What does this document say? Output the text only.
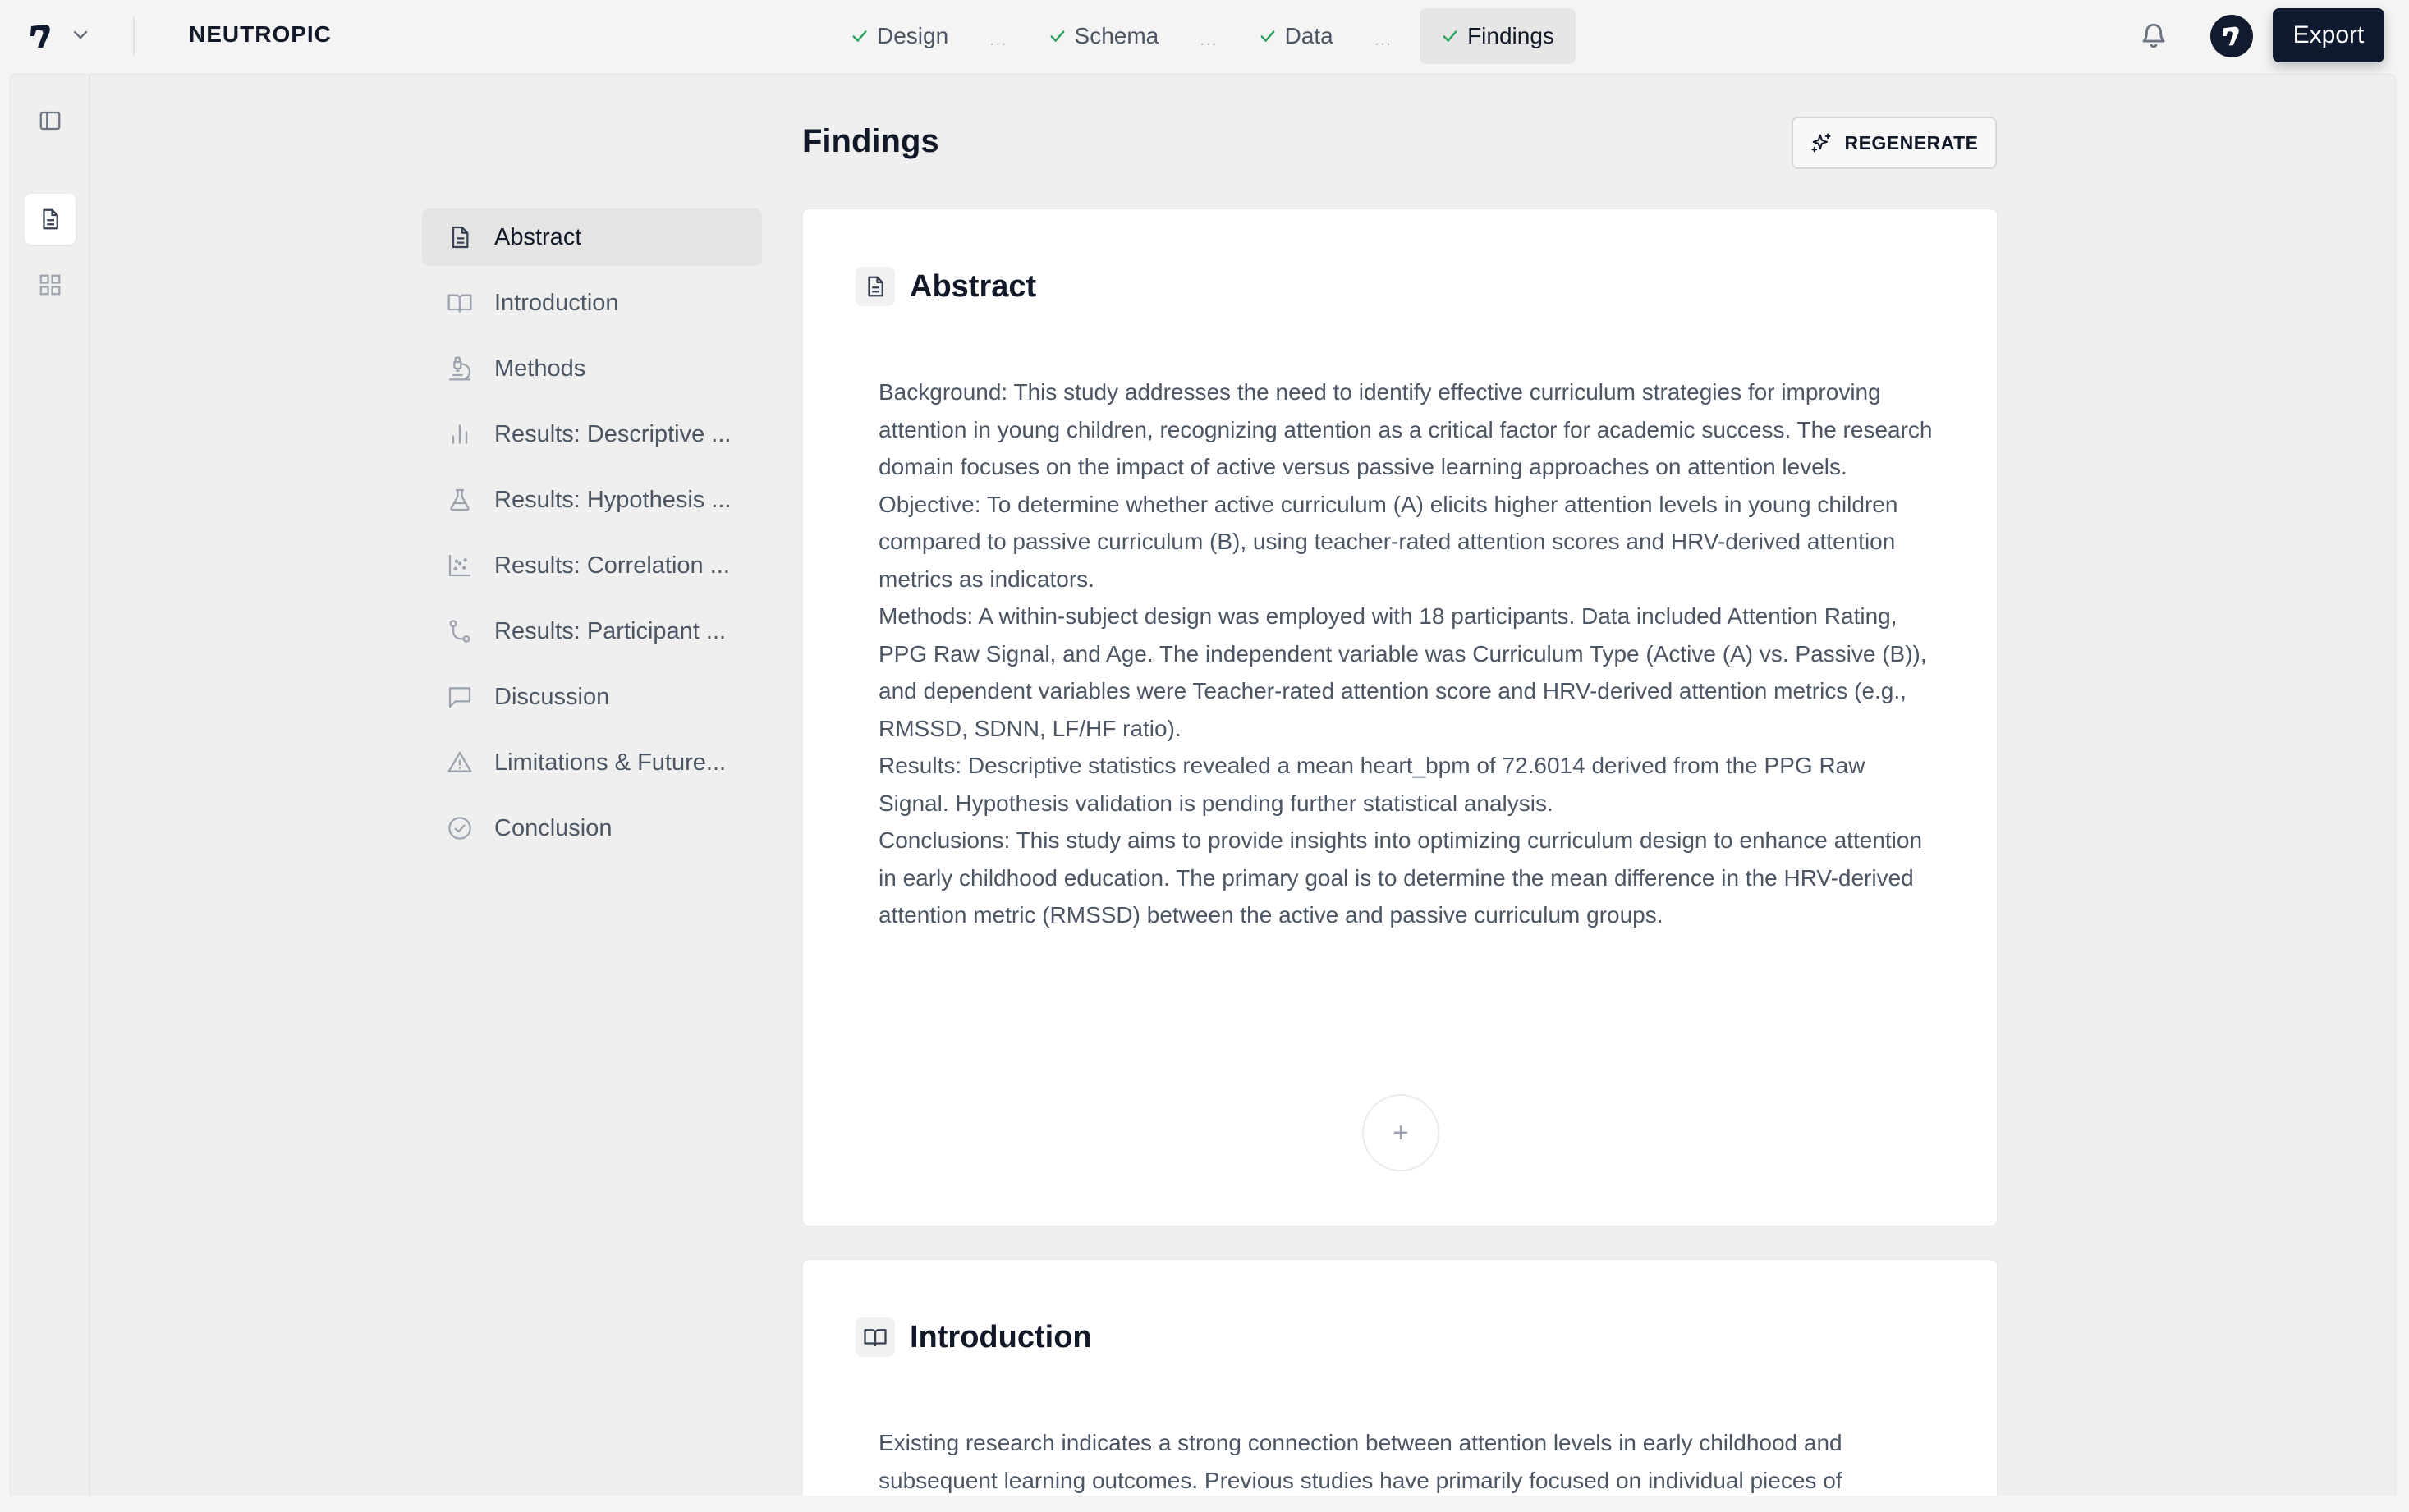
NEUTROPIC	Design	...	Schema	...	Data	...	Findings	Export
Abstract
Introduction
Methods
Results: Descriptive ...
Results: Hypothesis ...
Results: Correlation ...
Results: Participant ...
Discussion
Limitations & Future...
Conclusion
Findings	REGENERATE
Abstract

Background: This study addresses the need to identify effective curriculum strategies for improving attention in young children, recognizing attention as a critical factor for academic success. The research domain focuses on the impact of active versus passive learning approaches on attention levels.

Objective: To determine whether active curriculum (A) elicits higher attention levels in young children compared to passive curriculum (B), using teacher-rated attention scores and HRV-derived attention metrics as indicators.

Methods: A within-subject design was employed with 18 participants. Data included Attention Rating, PPG Raw Signal, and Age. The independent variable was Curriculum Type (Active (A) vs. Passive (B)), and dependent variables were Teacher-rated attention score and HRV-derived attention metrics (e.g., RMSSD, SDNN, LF/HF ratio).

Results: Descriptive statistics revealed a mean heart_bpm of 72.6014 derived from the PPG Raw Signal. Hypothesis validation is pending further statistical analysis.

Conclusions: This study aims to provide insights into optimizing curriculum design to enhance attention in early childhood education. The primary goal is to determine the mean difference in the HRV-derived attention metric (RMSSD) between the active and passive curriculum groups.

+
Introduction

Existing research indicates a strong connection between attention levels in early childhood and subsequent learning outcomes. Previous studies have primarily focused on individual pieces of
